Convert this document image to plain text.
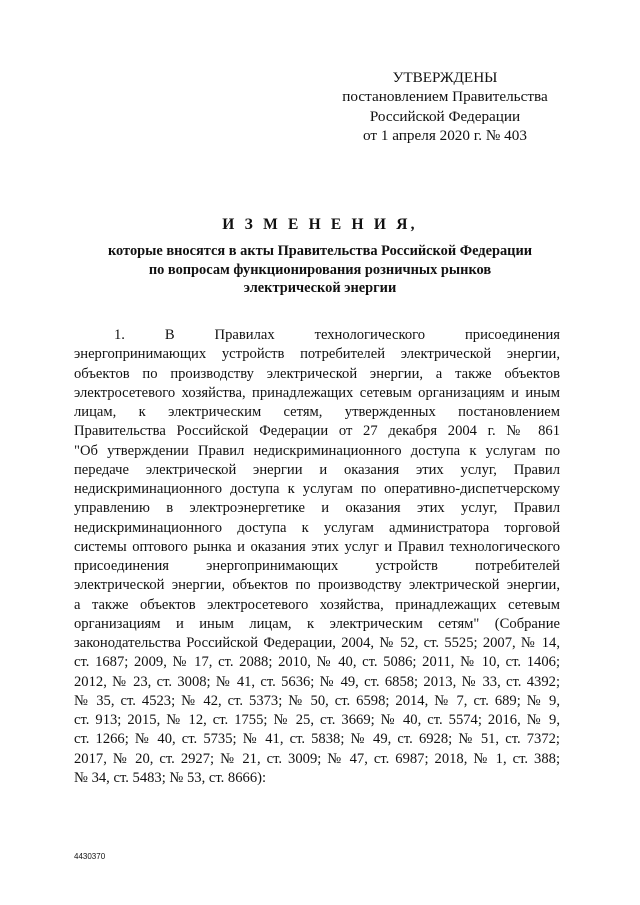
УТВЕРЖДЕНЫ
постановлением Правительства
Российской Федерации
от 1 апреля 2020 г. № 403
И З М Е Н Е Н И Я,
которые вносятся в акты Правительства Российской Федерации
по вопросам функционирования розничных рынков
электрической энергии
1. В Правилах технологического присоединения
энергопринимающих устройств потребителей электрической энергии,
объектов по производству электрической энергии, а также объектов
электросетевого хозяйства, принадлежащих сетевым организациям и иным
лицам, к электрическим сетям, утвержденных постановлением
Правительства Российской Федерации от 27 декабря 2004 г. № 861
"Об утверждении Правил недискриминационного доступа к услугам по
передаче электрической энергии и оказания этих услуг, Правил
недискриминационного доступа к услугам по оперативно-диспетчерскому
управлению в электроэнергетике и оказания этих услуг, Правил
недискриминационного доступа к услугам администратора торговой
системы оптового рынка и оказания этих услуг и Правил технологического
присоединения энергопринимающих устройств потребителей
электрической энергии, объектов по производству электрической энергии,
а также объектов электросетевого хозяйства, принадлежащих сетевым
организациям и иным лицам, к электрическим сетям" (Собрание
законодательства Российской Федерации, 2004, № 52, ст. 5525; 2007, № 14,
ст. 1687; 2009, № 17, ст. 2088; 2010, № 40, ст. 5086; 2011, № 10, ст. 1406;
2012, № 23, ст. 3008; № 41, ст. 5636; № 49, ст. 6858; 2013, № 33, ст. 4392;
№ 35, ст. 4523; № 42, ст. 5373; № 50, ст. 6598; 2014, № 7, ст. 689; № 9,
ст. 913; 2015, № 12, ст. 1755; № 25, ст. 3669; № 40, ст. 5574; 2016, № 9,
ст. 1266; № 40, ст. 5735; № 41, ст. 5838; № 49, ст. 6928; № 51, ст. 7372;
2017, № 20, ст. 2927; № 21, ст. 3009; № 47, ст. 6987; 2018, № 1, ст. 388;
№ 34, ст. 5483; № 53, ст. 8666):
4430370
